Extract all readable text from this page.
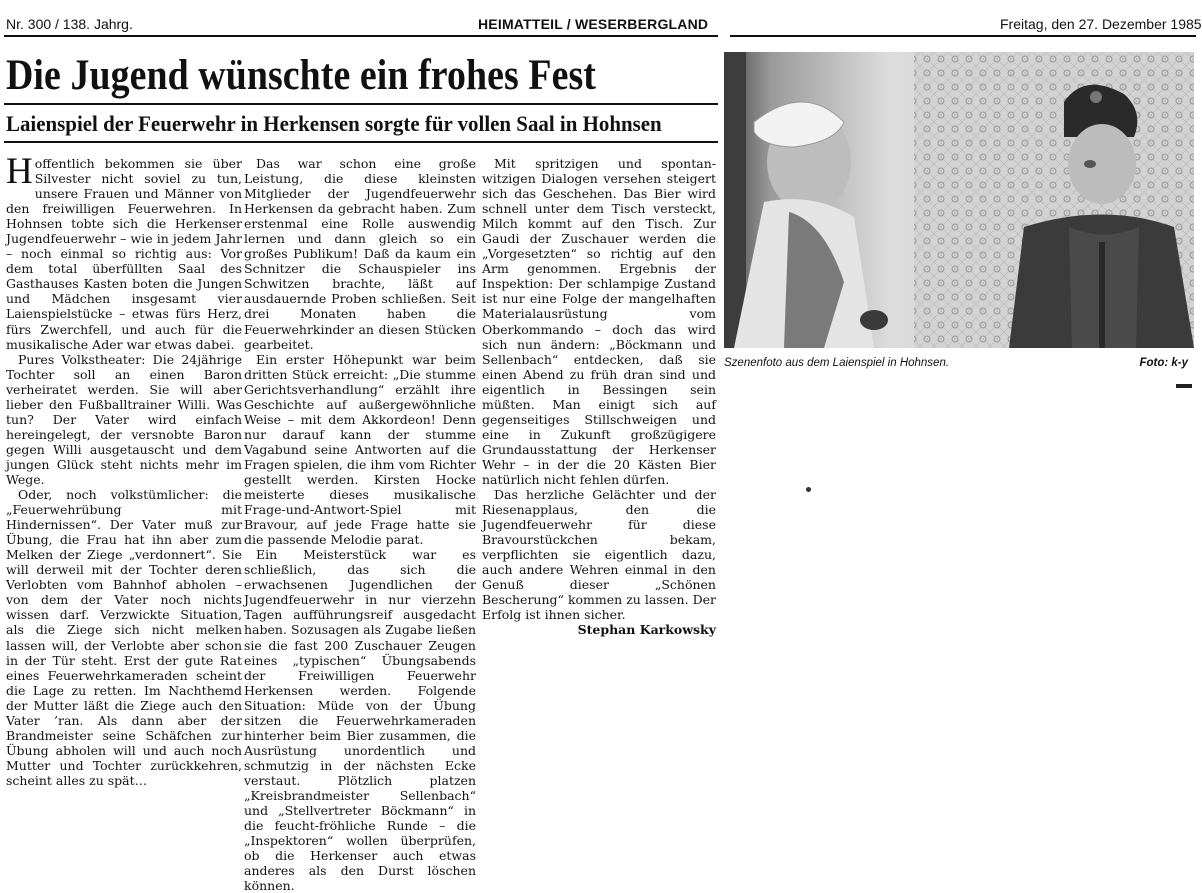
Nr. 300 / 138. Jahrg.	HEIMATTEIL / WESERBERGLAND	Freitag, den 27. Dezember 1985
Die Jugend wünschte ein frohes Fest
Laienspiel der Feuerwehr in Herkensen sorgte für vollen Saal in Hohnsen

Hoffentlich bekommen sie über Silvester nicht soviel zu tun, unsere Frauen und Männer von den freiwilligen Feuerwehren. In Hohnsen tobte sich die Herkenser Jugendfeuerwehr – wie in jedem Jahr – noch einmal so richtig aus: Vor dem total überfüllten Saal des Gasthauses Kasten boten die Jungen und Mädchen insgesamt vier Laienspielstücke – etwas fürs Herz, fürs Zwerchfell, und auch für die musikalische Ader war etwas dabei.

Pures Volkstheater: Die 24jährige Tochter soll an einen Baron verheiratet werden. Sie will aber lieber den Fußballtrainer Willi. Was tun? Der Vater wird einfach hereingelegt, der versnobte Baron gegen Willi ausgetauscht und dem jungen Glück steht nichts mehr im Wege.

Oder, noch volkstümlicher: die „Feuerwehrübung mit Hindernissen“. Der Vater muß zur Übung, die Frau hat ihn aber zum Melken der Ziege „verdonnert“. Sie will derweil mit der Tochter deren Verlobten vom Bahnhof abholen – von dem der Vater noch nichts wissen darf. Verzwickte Situation, als die Ziege sich nicht melken lassen will, der Verlobte aber schon in der Tür steht. Erst der gute Rat eines Feuerwehrkameraden scheint die Lage zu retten. Im Nachthemd der Mutter läßt die Ziege auch den Vater ’ran. Als dann aber der Brandmeister seine Schäfchen zur Übung abholen will und auch noch Mutter und Tochter zurückkehren, scheint alles zu spät…

Das war schon eine große Leistung, die diese kleinsten Mitglieder der Jugendfeuerwehr Herkensen da gebracht haben. Zum erstenmal eine Rolle auswendig lernen und dann gleich so ein großes Publikum! Daß da kaum ein Schnitzer die Schauspieler ins Schwitzen brachte, läßt auf ausdauernde Proben schließen. Seit drei Monaten haben die Feuerwehrkinder an diesen Stücken gearbeitet.

Ein erster Höhepunkt war beim dritten Stück erreicht: „Die stumme Gerichtsverhandlung“ erzählt ihre Geschichte auf außergewöhnliche Weise – mit dem Akkordeon! Denn nur darauf kann der stumme Vagabund seine Antworten auf die Fragen spielen, die ihm vom Richter gestellt werden. Kirsten Hocke meisterte dieses musikalische Frage-und-Antwort-Spiel mit Bravour, auf jede Frage hatte sie die passende Melodie parat.

Ein Meisterstück war es schließlich, das sich die erwachsenen Jugendlichen der Jugendfeuerwehr in nur vierzehn Tagen aufführungsreif ausgedacht haben. Sozusagen als Zugabe ließen sie die fast 200 Zuschauer Zeugen eines „typischen“ Übungsabends der Freiwilligen Feuerwehr Herkensen werden. Folgende Situation: Müde von der Übung sitzen die Feuerwehrkameraden hinterher beim Bier zusammen, die Ausrüstung unordentlich und schmutzig in der nächsten Ecke verstaut. Plötzlich platzen „Kreisbrandmeister Sellenbach“ und „Stellvertreter Böckmann“ in die feucht-fröhliche Runde – die „Inspektoren“ wollen überprüfen, ob die Herkenser auch etwas anderes als den Durst löschen können.

Mit spritzigen und spontan-witzigen Dialogen versehen steigert sich das Geschehen. Das Bier wird schnell unter dem Tisch versteckt, Milch kommt auf den Tisch. Zur Gaudi der Zuschauer werden die „Vorgesetzten“ so richtig auf den Arm genommen. Ergebnis der Inspektion: Der schlampige Zustand ist nur eine Folge der mangelhaften Materialausrüstung vom Oberkommando – doch das wird sich nun ändern: „Böckmann und Sellenbach“ entdecken, daß sie einen Abend zu früh dran sind und eigentlich in Bessingen sein müßten. Man einigt sich auf gegenseitiges Stillschweigen und eine in Zukunft großzügigere Grundausstattung der Herkenser Wehr – in der die 20 Kästen Bier natürlich nicht fehlen dürfen.

Das herzliche Gelächter und der Riesenapplaus, den die Jugendfeuerwehr für diese Bravourstückchen bekam, verpflichten sie eigentlich dazu, auch andere Wehren einmal in den Genuß dieser „Schönen Bescherung“ kommen zu lassen. Der Erfolg ist ihnen sicher.

Stephan Karkowsky
Szenenfoto aus dem Laienspiel in Hohnsen.	Foto: k-y
